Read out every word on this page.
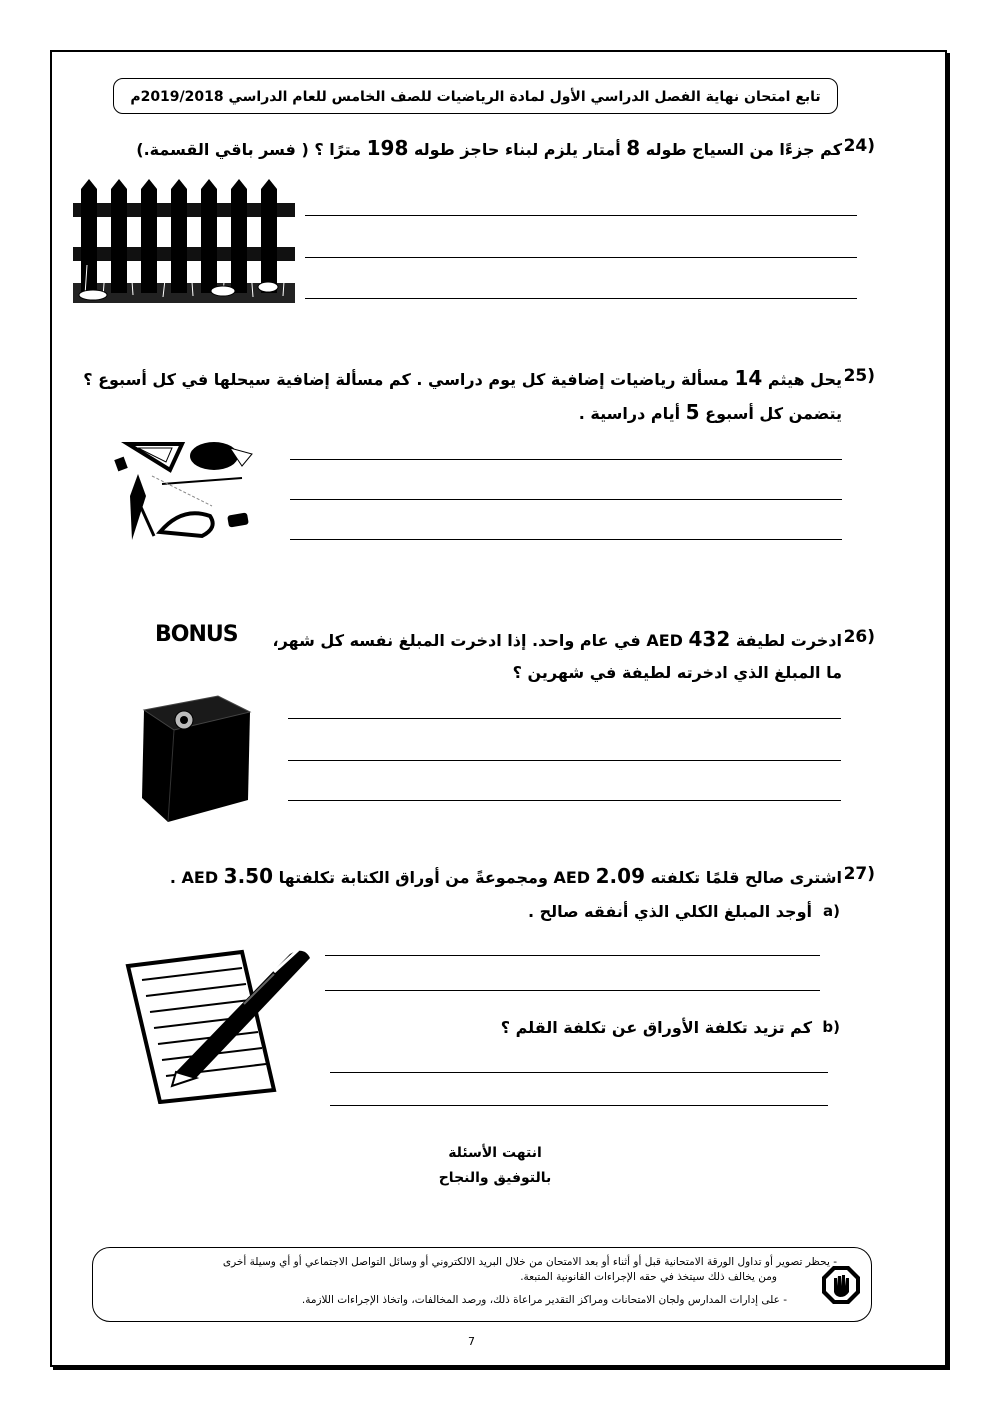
تابع امتحان نهاية الفصل الدراسي الأول لمادة الرياضيات للصف الخامس للعام الدراسي 2019/2018م
24)
كم جزءًا من السياج طوله 8 أمتار يلزم لبناء حاجز طوله 198 مترًا ؟ ( فسر باقي القسمة.)
25)
يحل هيثم 14 مسألة رياضيات إضافية كل يوم دراسي . كم مسألة إضافية سيحلها في كل أسبوع ؟
يتضمن كل أسبوع 5 أيام دراسية .
26)
ادخرت لطيفة 432 AED في عام واحد. إذا ادخرت المبلغ نفسه كل شهر،
ما المبلغ الذي ادخرته لطيفة في شهرين ؟
BONUS
27)
اشترى صالح قلمًا تكلفته 2.09 AED ومجموعةً من أوراق الكتابة تكلفتها 3.50 AED .
a)
أوجد المبلغ الكلي الذي أنفقه صالح .
b)
كم تزيد تكلفة الأوراق عن تكلفة القلم ؟
انتهت الأسئلة
بالتوفيق والنجاح
- يحظر تصوير أو تداول الورقة الامتحانية قبل أو أثناء أو بعد الامتحان من خلال البريد الالكتروني أو وسائل التواصل الاجتماعي أو أي وسيلة أخرى
ومن يخالف ذلك سيتخذ في حقه الإجراءات القانونية المتبعة.
- على إدارات المدارس ولجان الامتحانات ومراكز التقدير مراعاة ذلك، ورصد المخالفات، واتخاذ الإجراءات اللازمة.
7
